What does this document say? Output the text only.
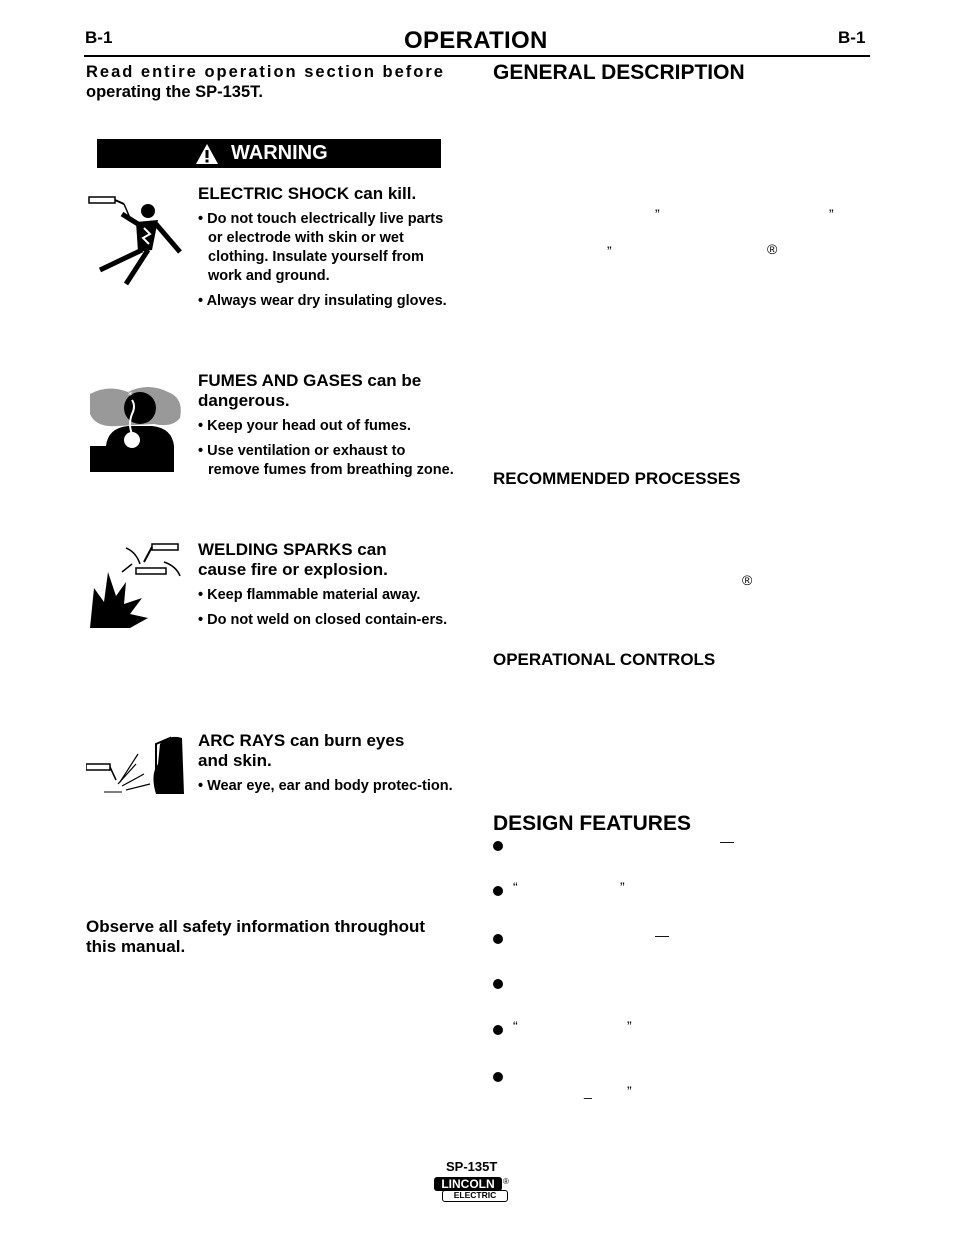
B-1	OPERATION	B-1
Read entire operation section before
operating the SP-135T.
WARNING
ELECTRIC SHOCK can kill.
• Do not touch electrically live parts or electrode with skin or wet clothing. Insulate yourself from work and ground.
• Always wear dry insulating gloves.
*
FUMES AND GASES can be
dangerous.
• Keep your head out of fumes.
• Use ventilation or exhaust to remove fumes from breathing zone.
WELDING SPARKS can
cause fire or explosion.
• Keep flammable material away.
• Do not weld on closed contain-ers.
ARC RAYS can burn eyes
and skin.
• Wear eye, ear and body protec-tion.
Observe all safety information throughout
this manual.
GENERAL DESCRIPTION
”	”
”	®
RECOMMENDED PROCESSES
®
OPERATIONAL CONTROLS
DESIGN FEATURES
—
“	”
—
“	”
_	”
SP-135T
LINCOLN	®
ELECTRIC
